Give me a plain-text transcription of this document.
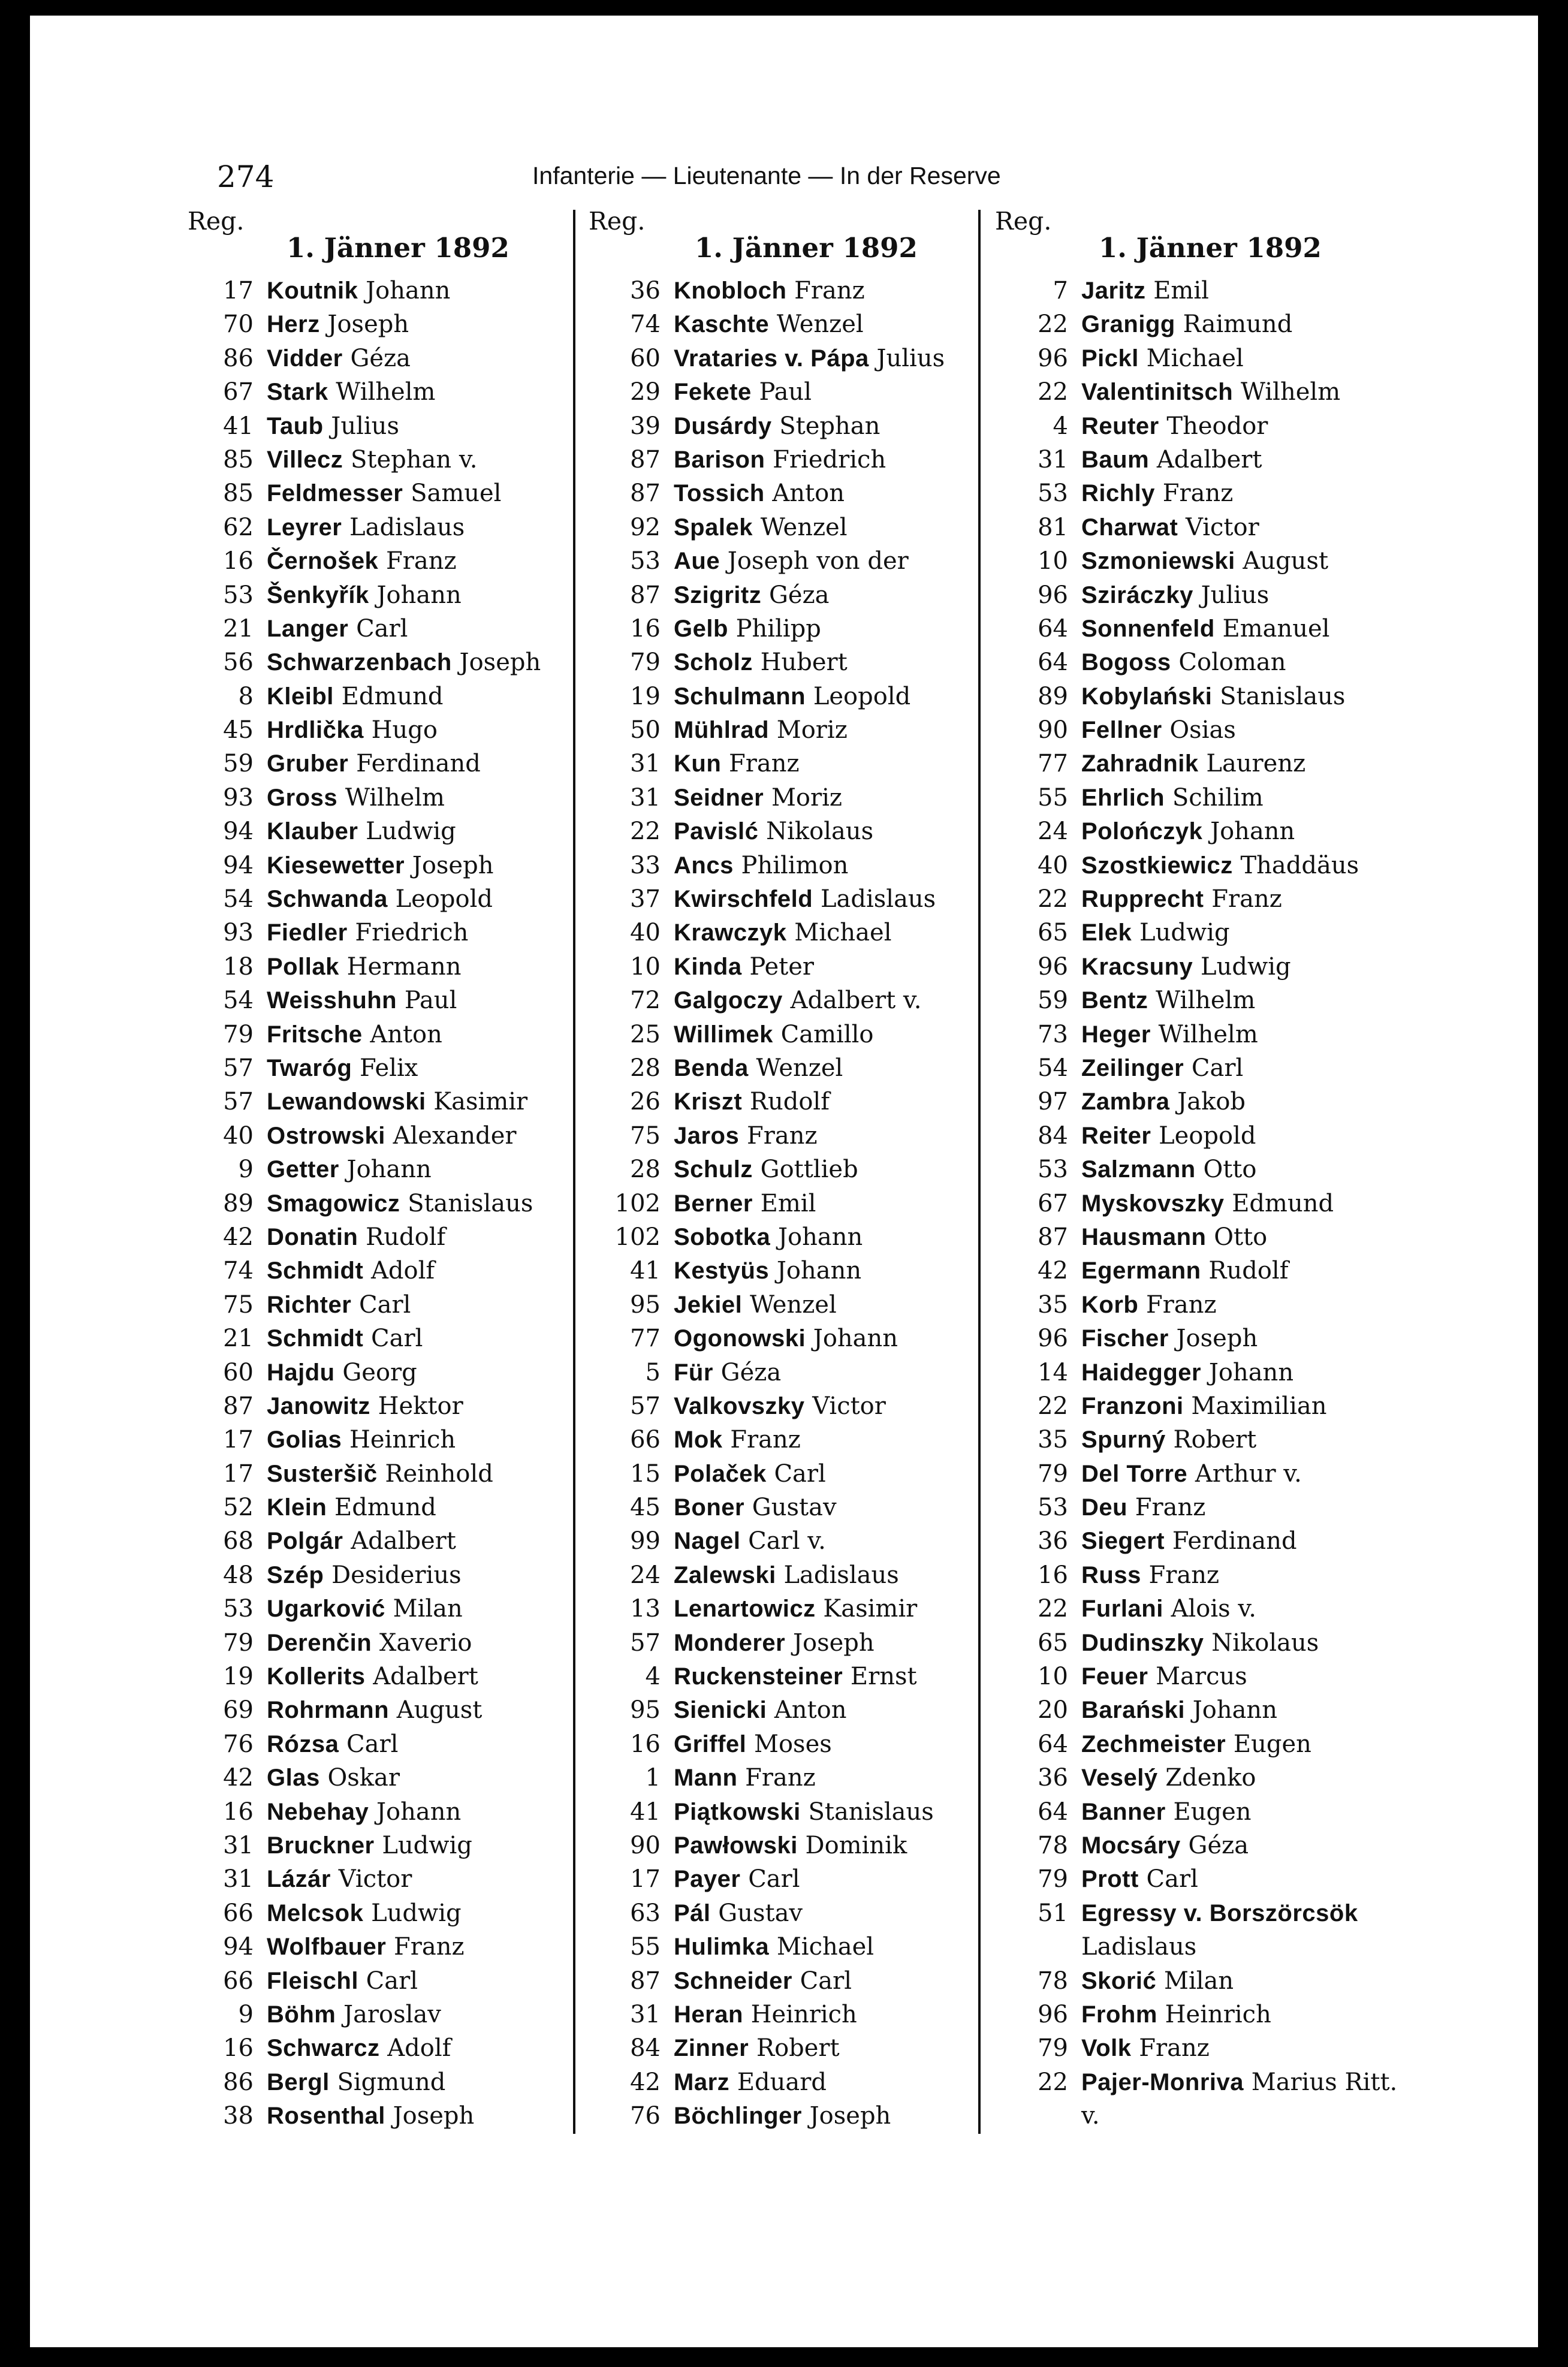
274	Infanterie — Lieutenante — In der Reserve
Reg.
1. Jänner 1892
17 Koutnik Johann
70 Herz Joseph
86 Vidder Géza
67 Stark Wilhelm
41 Taub Julius
85 Villecz Stephan v.
85 Feldmesser Samuel
62 Leyrer Ladislaus
16 Černošek Franz
53 Šenkyřík Johann
21 Langer Carl
56 Schwarzenbach Joseph
8 Kleibl Edmund
45 Hrdlička Hugo
59 Gruber Ferdinand
93 Gross Wilhelm
94 Klauber Ludwig
94 Kiesewetter Joseph
54 Schwanda Leopold
93 Fiedler Friedrich
18 Pollak Hermann
54 Weisshuhn Paul
79 Fritsche Anton
57 Twaróg Felix
57 Lewandowski Kasimir
40 Ostrowski Alexander
9 Getter Johann
89 Smagowicz Stanislaus
42 Donatin Rudolf
74 Schmidt Adolf
75 Richter Carl
21 Schmidt Carl
60 Hajdu Georg
87 Janowitz Hektor
17 Golias Heinrich
17 Susteršič Reinhold
52 Klein Edmund
68 Polgár Adalbert
48 Szép Desiderius
53 Ugarković Milan
79 Derenčin Xaverio
19 Kollerits Adalbert
69 Rohrmann August
76 Rózsa Carl
42 Glas Oskar
16 Nebehay Johann
31 Bruckner Ludwig
31 Lázár Victor
66 Melcsok Ludwig
94 Wolfbauer Franz
66 Fleischl Carl
9 Böhm Jaroslav
16 Schwarcz Adolf
86 Bergl Sigmund
38 Rosenthal Joseph
Reg.
1. Jänner 1892
36 Knobloch Franz
74 Kaschte Wenzel
60 Vrataries v. Pápa Julius
29 Fekete Paul
39 Dusárdy Stephan
87 Barison Friedrich
87 Tossich Anton
92 Spalek Wenzel
53 Aue Joseph von der
87 Szigritz Géza
16 Gelb Philipp
79 Scholz Hubert
19 Schulmann Leopold
50 Mühlrad Moriz
31 Kun Franz
31 Seidner Moriz
22 Pavislć Nikolaus
33 Ancs Philimon
37 Kwirschfeld Ladislaus
40 Krawczyk Michael
10 Kinda Peter
72 Galgoczy Adalbert v.
25 Willimek Camillo
28 Benda Wenzel
26 Kriszt Rudolf
75 Jaros Franz
28 Schulz Gottlieb
102 Berner Emil
102 Sobotka Johann
41 Kestyüs Johann
95 Jekiel Wenzel
77 Ogonowski Johann
5 Für Géza
57 Valkovszky Victor
66 Mok Franz
15 Polaček Carl
45 Boner Gustav
99 Nagel Carl v.
24 Zalewski Ladislaus
13 Lenartowicz Kasimir
57 Monderer Joseph
4 Ruckensteiner Ernst
95 Sienicki Anton
16 Griffel Moses
1 Mann Franz
41 Piątkowski Stanislaus
90 Pawłowski Dominik
17 Payer Carl
63 Pál Gustav
55 Hulimka Michael
87 Schneider Carl
31 Heran Heinrich
84 Zinner Robert
42 Marz Eduard
76 Böchlinger Joseph
Reg.
1. Jänner 1892
7 Jaritz Emil
22 Granigg Raimund
96 Pickl Michael
22 Valentinitsch Wilhelm
4 Reuter Theodor
31 Baum Adalbert
53 Richly Franz
81 Charwat Victor
10 Szmoniewski August
96 Sziráczky Julius
64 Sonnenfeld Emanuel
64 Bogoss Coloman
89 Kobylański Stanislaus
90 Fellner Osias
77 Zahradnik Laurenz
55 Ehrlich Schilim
24 Polończyk Johann
40 Szostkiewicz Thaddäus
22 Rupprecht Franz
65 Elek Ludwig
96 Kracsuny Ludwig
59 Bentz Wilhelm
73 Heger Wilhelm
54 Zeilinger Carl
97 Zambra Jakob
84 Reiter Leopold
53 Salzmann Otto
67 Myskovszky Edmund
87 Hausmann Otto
42 Egermann Rudolf
35 Korb Franz
96 Fischer Joseph
14 Haidegger Johann
22 Franzoni Maximilian
35 Spurný Robert
79 Del Torre Arthur v.
53 Deu Franz
36 Siegert Ferdinand
16 Russ Franz
22 Furlani Alois v.
65 Dudinszky Nikolaus
10 Feuer Marcus
20 Barański Johann
64 Zechmeister Eugen
36 Veselý Zdenko
64 Banner Eugen
78 Mocsáry Géza
79 Prott Carl
51 Egressy v. Borszörcsök
Ladislaus
78 Skorić Milan
96 Frohm Heinrich
79 Volk Franz
22 Pajer-Monriva Marius Ritt.
v.
